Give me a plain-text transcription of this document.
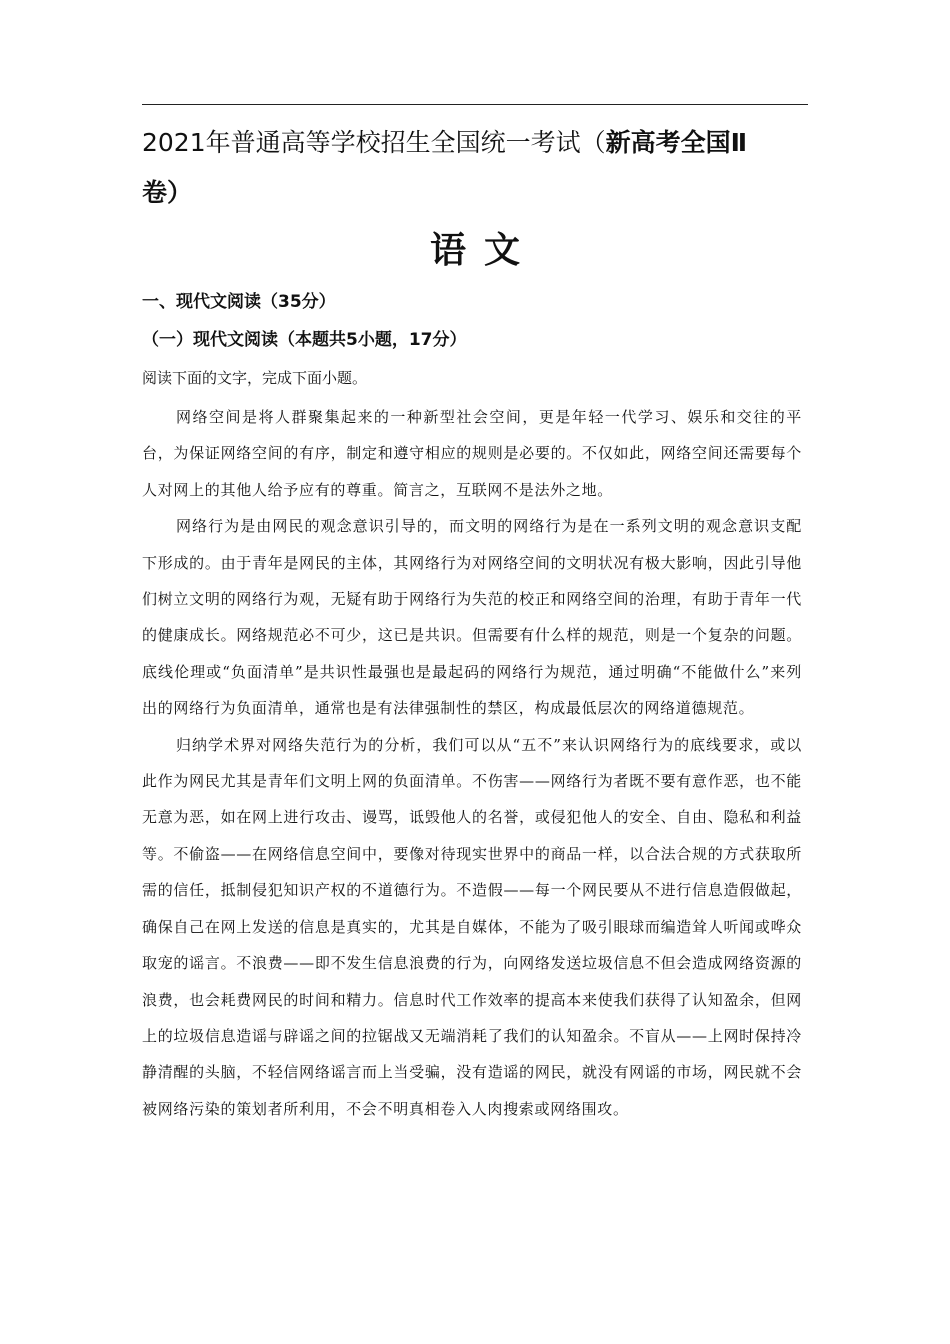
2021年普通高等学校招生全国统一考试（新高考全国Ⅱ
卷）
语文
一、现代文阅读（35分）
（一）现代文阅读（本题共5小题，17分）

阅读下面的文字，完成下面小题。

网络空间是将人群聚集起来的一种新型社会空间，更是年轻一代学习、娱乐和交往的平台，为保证网络空间的有序，制定和遵守相应的规则是必要的。不仅如此，网络空间还需要每个人对网上的其他人给予应有的尊重。简言之，互联网不是法外之地。

网络行为是由网民的观念意识引导的，而文明的网络行为是在一系列文明的观念意识支配下形成的。由于青年是网民的主体，其网络行为对网络空间的文明状况有极大影响，因此引导他们树立文明的网络行为观，无疑有助于网络行为失范的校正和网络空间的治理，有助于青年一代的健康成长。网络规范必不可少，这已是共识。但需要有什么样的规范，则是一个复杂的问题。底线伦理或“负面清单”是共识性最强也是最起码的网络行为规范，通过明确“不能做什么”来列出的网络行为负面清单，通常也是有法律强制性的禁区，构成最低层次的网络道德规范。

归纳学术界对网络失范行为的分析，我们可以从“五不”来认识网络行为的底线要求，或以此作为网民尤其是青年们文明上网的负面清单。不伤害——网络行为者既不要有意作恶，也不能无意为恶，如在网上进行攻击、谩骂，诋毁他人的名誉，或侵犯他人的安全、自由、隐私和利益等。不偷盗——在网络信息空间中，要像对待现实世界中的商品一样，以合法合规的方式获取所需的信任，抵制侵犯知识产权的不道德行为。不造假——每一个网民要从不进行信息造假做起，确保自己在网上发送的信息是真实的，尤其是自媒体，不能为了吸引眼球而编造耸人听闻或哗众取宠的谣言。不浪费——即不发生信息浪费的行为，向网络发送垃圾信息不但会造成网络资源的浪费，也会耗费网民的时间和精力。信息时代工作效率的提高本来使我们获得了认知盈余，但网上的垃圾信息造谣与辟谣之间的拉锯战又无端消耗了我们的认知盈余。不盲从——上网时保持冷静清醒的头脑，不轻信网络谣言而上当受骗，没有造谣的网民，就没有网谣的市场，网民就不会被网络污染的策划者所利用，不会不明真相卷入人肉搜索或网络围攻。
